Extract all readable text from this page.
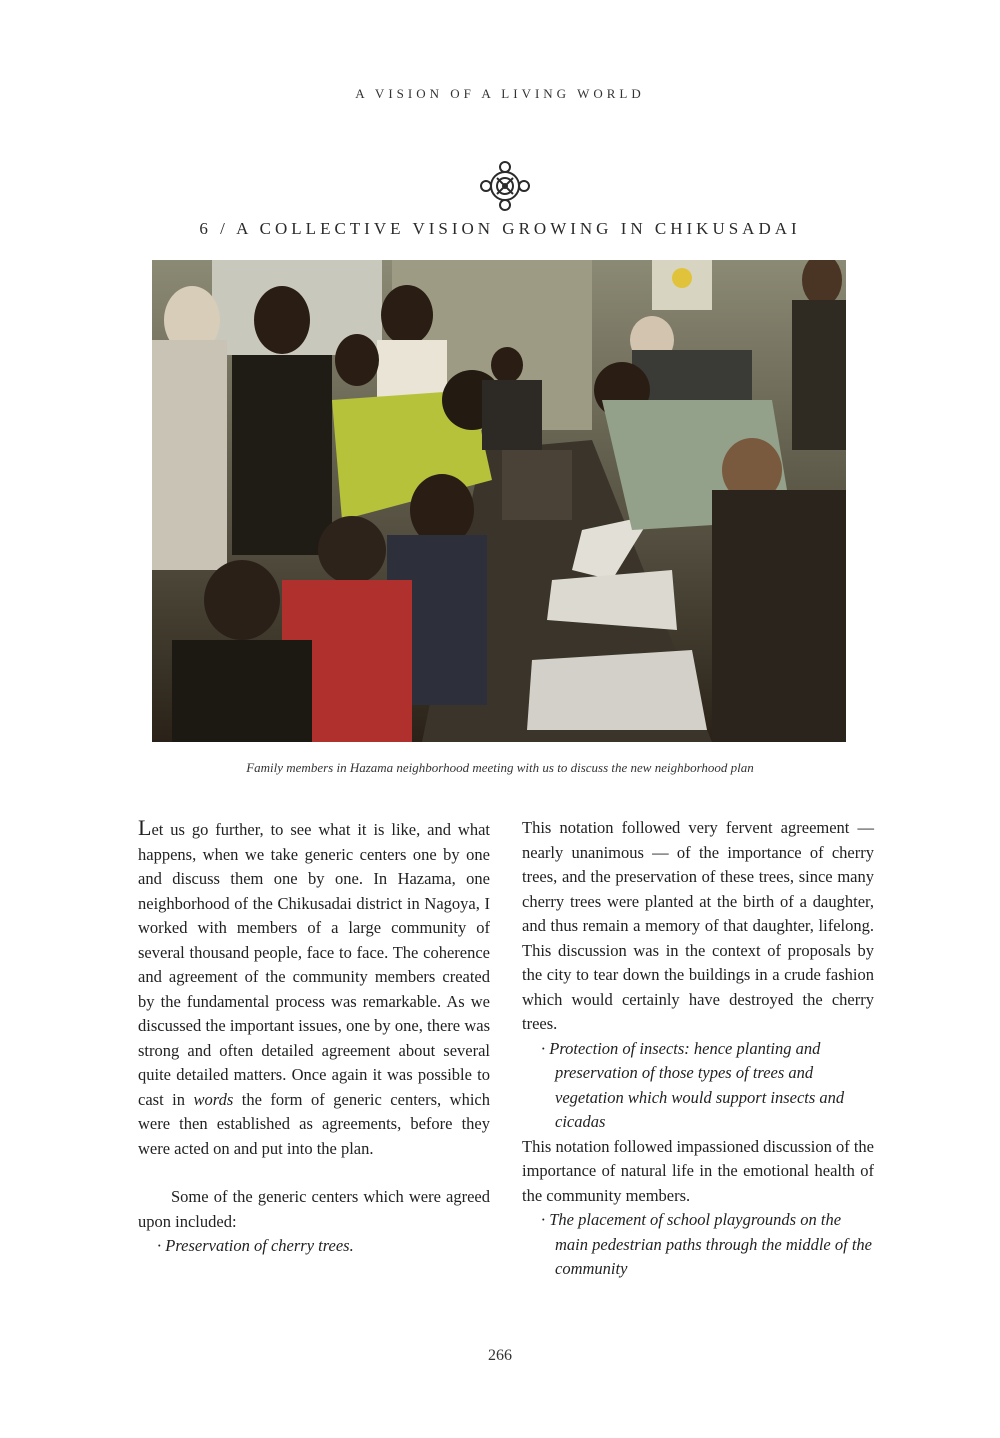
A VISION OF A LIVING WORLD
6 / A COLLECTIVE VISION GROWING IN CHIKUSADAI
Family members in Hazama neighborhood meeting with us to discuss the new neighborhood plan

Let us go further, to see what it is like, and what happens, when we take generic centers one by one and discuss them one by one. In Hazama, one neighborhood of the Chikusadai district in Nagoya, I worked with members of a large community of several thousand people, face to face. The coherence and agreement of the community members created by the fundamental process was remarkable. As we discussed the important issues, one by one, there was strong and often detailed agreement about several quite detailed matters. Once again it was possible to cast in words the form of generic centers, which were then established as agreements, before they were acted on and put into the plan.

Some of the generic centers which were agreed upon included:

· Preservation of cherry trees.

This notation followed very fervent agreement — nearly unanimous — of the importance of cherry trees, and the preservation of these trees, since many cherry trees were planted at the birth of a daughter, and thus remain a memory of that daughter, lifelong. This discussion was in the context of proposals by the city to tear down the buildings in a crude fashion which would certainly have destroyed the cherry trees.

· Protection of insects: hence planting and preservation of those types of trees and vegetation which would support insects and cicadas

This notation followed impassioned discussion of the importance of natural life in the emotional health of the community members.

· The placement of school playgrounds on the main pedestrian paths through the middle of the community

266
